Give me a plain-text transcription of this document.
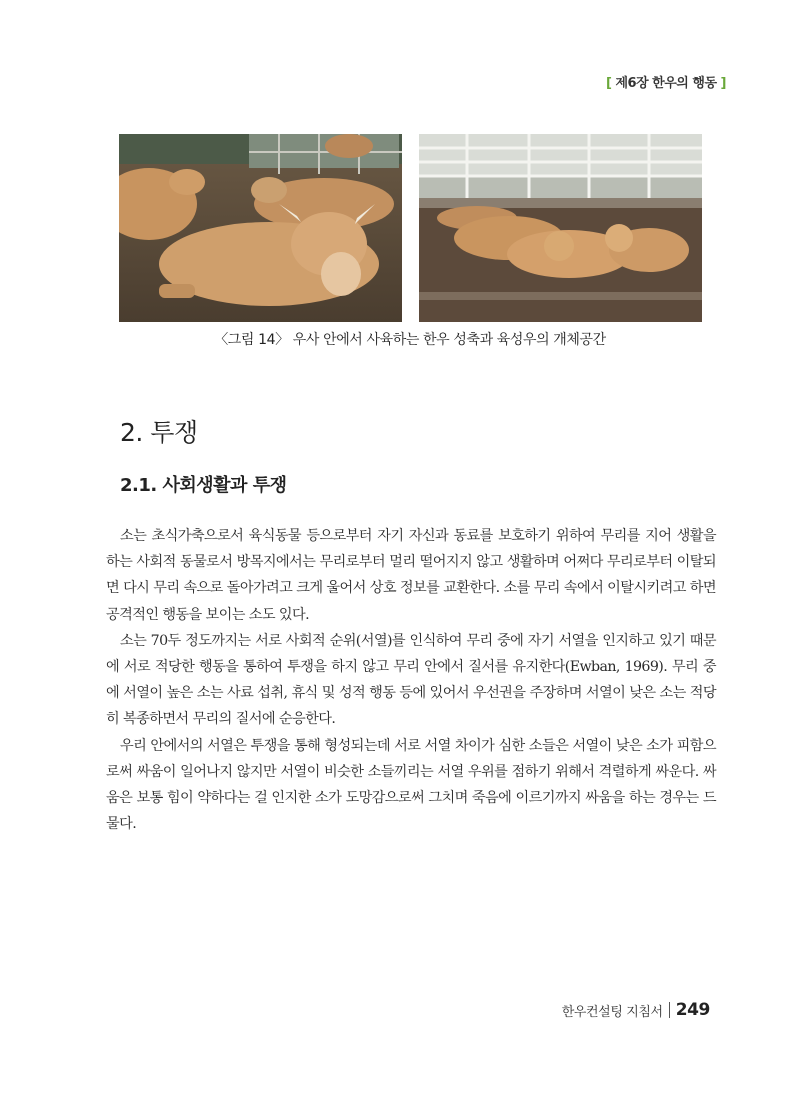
[ 제6장 한우의 행동 ]
〈그림 14〉 우사 안에서 사육하는 한우 성축과 육성우의 개체공간
2. 투쟁
2.1. 사회생활과 투쟁

소는 초식가축으로서 육식동물 등으로부터 자기 자신과 동료를 보호하기 위하여 무리를 지어 생활을 하는 사회적 동물로서 방목지에서는 무리로부터 멀리 떨어지지 않고 생활하며 어쩌다 무리로부터 이탈되면 다시 무리 속으로 돌아가려고 크게 울어서 상호 정보를 교환한다. 소를 무리 속에서 이탈시키려고 하면 공격적인 행동을 보이는 소도 있다.

소는 70두 정도까지는 서로 사회적 순위(서열)를 인식하여 무리 중에 자기 서열을 인지하고 있기 때문에 서로 적당한 행동을 통하여 투쟁을 하지 않고 무리 안에서 질서를 유지한다(Ewban, 1969). 무리 중에 서열이 높은 소는 사료 섭취, 휴식 및 성적 행동 등에 있어서 우선권을 주장하며 서열이 낮은 소는 적당히 복종하면서 무리의 질서에 순응한다.

우리 안에서의 서열은 투쟁을 통해 형성되는데 서로 서열 차이가 심한 소들은 서열이 낮은 소가 피함으로써 싸움이 일어나지 않지만 서열이 비슷한 소들끼리는 서열 우위를 점하기 위해서 격렬하게 싸운다. 싸움은 보통 힘이 약하다는 걸 인지한 소가 도망감으로써 그치며 죽음에 이르기까지 싸움을 하는 경우는 드물다.

한우컨설팅 지침서 249
